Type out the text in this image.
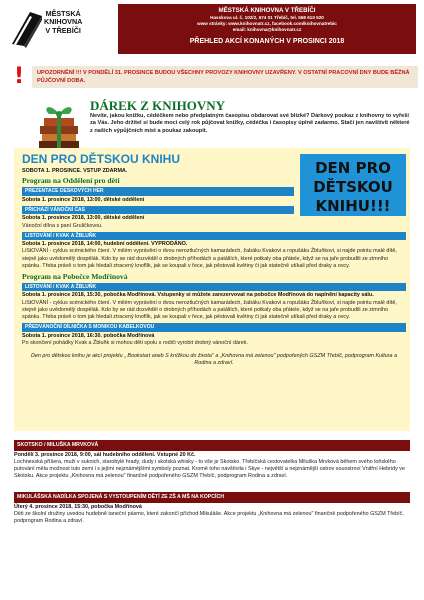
MĚSTSKÁ
KNIHOVNA
V TŘEBÍČI
MĚSTSKÁ KNIHOVNA V TŘEBÍČI
Hasskova ul. č. 102/2, 674 01 Třebíč, tel. 568 610 520
www stránky: www.knihovnatr.cz, facebook.com/knihovnatrebic
email: knihovna@knihovnatr.cz
PŘEHLED AKCÍ KONANÝCH V PROSINCI 2018
!	UPOZORNĚNÍ !!! V PONDĚLÍ 31. PROSINCE BUDOU VŠECHNY PROVOZY KNIHOVNY UZAVŘENY. V OSTATNÍ PRACOVNÍ DNY BUDE BĚŽNÁ PŮJČOVNÍ DOBA.
DÁREK Z KNIHOVNY
Nevíte, jakou knížku, cédéčkem nebo předplatným časopisu obdarovat své blízké? Dárkový poukaz z knihovny to vyřeší za Vás. Jeho držitel si bude moci celý rok půjčovat knížky, cédéčka i časopisy úplně zadarmo. Stačí jen navštívit některé z našich výpůjčních míst a poukaz zakoupit.
DEN PRO DĚTSKOU KNIHU	DEN PRO
DĚTSKOU
KNIHU!!!
SOBOTA 1. PROSINCE. VSTUP ZDARMA.
Program na Oddělení pro děti
PREZENTACE DESKOVÝCH HER

Sobota 1. prosince 2018, 13:00, dětské oddělení

PŘICHÁZÍ VÁNOČNÍ ČAS

Sobota 1. prosince 2018, 13:00, dětské oddělení

Vánoční dílna s paní Gruličkovou.

LISTOVÁNÍ / KVAK A ŽBLUŇK

Sobota 1. prosince 2018, 14:00, hudební oddělení. VYPRODÁNO.

LiStOVÁNÍ - cyklus scénického čtení. V milém vyprávění o dvou neroztlučných kamarádech, žabáku Kvakovi a ropušáku Žbluňkovi, si najde pointu malé dítě, stejně jako uvědomělý dospělák. Kdo by se rád dozvěděl o drobných příhodách a patáliích, které potkaly oba přátele, když se na jaře probudili ze zimního spánku. Třeba právě o tom jak hledali ztracený knoflík, jak se koupali v řece, jak pěstovali květiny či jak statečně utíkali před draky a ovcy.

Program na Pobočce Modřínová
LISTOVÁNÍ / KVAK A ŽBLUŇK

Sobota 1. prosince 2018, 15:30, pobočka Modřínová. Vstupenky si můžete zarezervovat na pobočce Modřínová do naplnění kapacity sálu.

LiStOVÁNÍ - cyklus scénického čtení. V milém vyprávění o dvou neroztlučných kamarádech, žabáku Kvakovi a ropušáku Žbluňkovi, si najde pointu malé dítě, stejně jako uvědomělý dospělák. Kdo by se rád dozvěděl o drobných příhodách a patáliích, které potkaly oba přátele, když se na jaře probudili ze zimního spánku. Třeba právě o tom jak hledali ztracený knoflík, jak se koupali v řece, jak pěstovali květiny či jak statečně utíkali před draky a ovcy.

PŘEDVÁNOČNÍ DÍLNIČKA S MONIKOU KABELKOVOU

Sobota 1. prosince 2018, 16:30. pobočka Modřínová

Po skončení pohádky Kvak a Žbluňk si mohou děti spolu s rodiči vyrobit drobný vánoční dárek.

Den pro dětskou knihu je akcí projektu „ Bookstart aneb S knížkou do života" a „Knihovna má zelenou" podpořených GSZM Třebíč, podprogram Kultura a Rodina a zdraví.
SKOTSKO / MILUŠKA MRVKOVÁ

Pondělí 3. prosince 2018, 9:00, sál hudebního oddělení. Vstupné 20 Kč.

Lochnesská příšera, muži v suknich, starobylé hrady, dudy i skotská whisky - to vše je Skotsko. Třebíčská cestovatelka Miluška Mrvková během svého loňského putování měla možnost tuto zemi i s jejími nejznámějšími symboly poznat. Kromě toho navštívila i Skye - největší a nejznámější ostrov souostroví Vnitřní Hebridy ve Skotsku. Akce projektu „Knihovna má zelenou" finančně podpořeného GSZM Třebíč, podprogram Rodina a zdraví.

MIKULÁŠSKÁ NADÍLKA SPOJENÁ S VYSTOUPENÍM DĚTÍ ZE ZŠ A MŠ NA KOPCÍCH

Úterý 4. prosince 2018, 15:30, pobočka Modřínová

Děti ze školní družiny uvedou hudebně taneční pásmo, které zakončí příchod Mikuláše. Akce projektu „Knihovna má zelenou" finančně podpořeného GSZM Třebíč, podprogram Rodina a zdraví.
